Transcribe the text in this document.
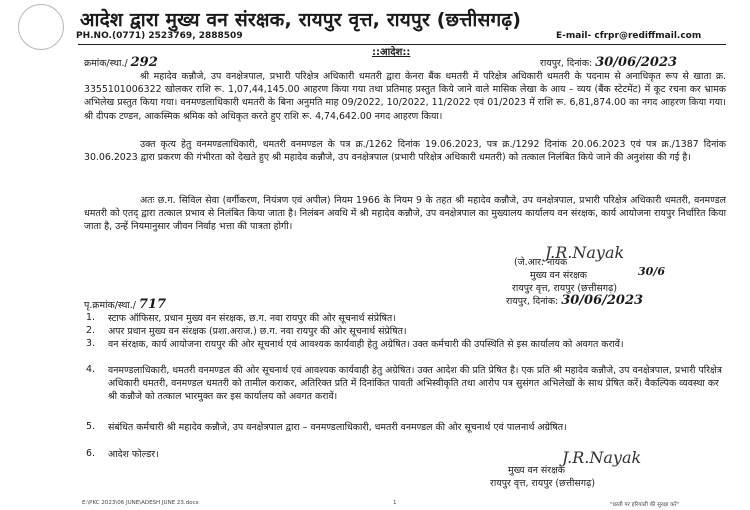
आदेश द्वारा मुख्य वन संरक्षक, रायपुर वृत्त, रायपुर (छत्तीसगढ़)
PH.NO.(0771) 2523769, 2888509	E-mail- cfrpr@rediffmail.com
::आदेश::
क्रमांक/स्था./ 292	रायपुर, दिनांक: 30/06/2023
श्री महादेव कन्नौजे, उप वनक्षेत्रपाल, प्रभारी परिक्षेत्र अधिकारी धमतरी द्वारा केनरा बैंक धमतरी में परिक्षेत्र अधिकारी धमतरी के पदनाम से अनाधिकृत रूप से खाता क्र. 3355101006322 खोलकर राशि रू. 1,07,44,145.00 आहरण किया गया तथा प्रतिमाह प्रस्तुत किये जाने वाले मासिक लेखा के आय – व्यय (बैंक स्टेटमेंट) में कूट रचना कर भ्रामक अभिलेख प्रस्तुत किया गया। वनमण्डलाधिकारी धमतरी के बिना अनुमति माह 09/2022, 10/2022, 11/2022 एवं 01/2023 में राशि रू. 6,81,874.00 का नगद आहरण किया गया। श्री दीपक टण्डन, आकस्मिक श्रमिक को अधिकृत करते हुए राशि रू. 4,74,642.00 नगद आहरण किया।
उक्त कृत्य हेतु वनमण्डलाधिकारी, धमतरी वनमण्डल के पत्र क्र./1262 दिनांक 19.06.2023, पत्र क्र./1292 दिनांक 20.06.2023 एवं पत्र क्र./1387 दिनांक 30.06.2023 द्वारा प्रकरण की गंभीरता को देखते हुए श्री महादेव कन्नौजे, उप वनक्षेत्रपाल (प्रभारी परिक्षेत्र अधिकारी धमतरी) को तत्काल निलंबित किये जाने की अनुशंसा की गई है।
अतः छ.ग. सिविल सेवा (वर्गीकरण, नियंत्रण एवं अपील) नियम 1966 के नियम 9 के तहत श्री महादेव कन्नौजे, उप वनक्षेत्रपाल, प्रभारी परिक्षेत्र अधिकारी धमतरी, वनमण्डल धमतरी को एतद् द्वारा तत्काल प्रभाव से निलंबित किया जाता है। निलंबन अवधि में श्री महादेव कन्नौजे, उप वनक्षेत्रपाल का मुख्यालय कार्यालय वन संरक्षक, कार्य आयोजना रायपुर निर्धारित किया जाता है, उन्हें नियमानुसार जीवन निर्वाह भत्ता की पात्रता होगी।
J.R.Nayak
(जे.आर. नायक
मुख्य वन संरक्षक	30/6
रायपुर वृत्त, रायपुर (छत्तीसगढ़)
रायपुर, दिनांक: 30/06/2023
पृ.क्रमांक/स्था./ 717
1. स्टाफ ऑफिसर, प्रधान मुख्य वन संरक्षक, छ.ग. नवा रायपुर की ओर सूचनार्थ संप्रेषित।
2. अपर प्रधान मुख्य वन संरक्षक (प्रशा.अराज.) छ.ग. नवा रायपुर की ओर सूचनार्थ संप्रेषित।
3. वन संरक्षक, कार्य आयोजना रायपुर की ओर सूचनार्थ एवं आवश्यक कार्यवाही हेतु अग्रेषित। उक्त कर्मचारी की उपस्थिति से इस कार्यालय को अवगत करावें।
4. वनमण्डलाधिकारी, धमतरी वनमण्डल की ओर सूचनार्थ एवं आवश्यक कार्यवाही हेतु अग्रेषित। उक्त आदेश की प्रति प्रेषित है। एक प्रति श्री महादेव कन्नौजे, उप वनक्षेत्रपाल, प्रभारी परिक्षेत्र अधिकारी धमतरी, वनमण्डल धमतरी को तामील कराकर, अतिरिक्त प्रति में दिनांकित पावती अभिस्वीकृति तथा आरोप पत्र सुसंगत अभिलेखों के साथ प्रेषित करें। वैकल्पिक व्यवस्था कर श्री कन्नौजे को तत्काल भारमुक्त कर इस कार्यालय को अवगत करावें।
5. संबंधित कर्मचारी श्री महादेव कन्नौजे, उप वनक्षेत्रपाल द्वारा – वनमण्डलाधिकारी, धमतरी वनमण्डल की ओर सूचनार्थ एवं पालनार्थ अग्रेषित।
6. आदेश फोल्डर।	J.R.Nayak
मुख्य वन संरक्षक
रायपुर वृत्त, रायपुर (छत्तीसगढ़)
E:\PKC 2023\06 JUNE\ADESH JUNE 23.docx	1	"धरती पर हरियाली की सुरक्षा करें"
